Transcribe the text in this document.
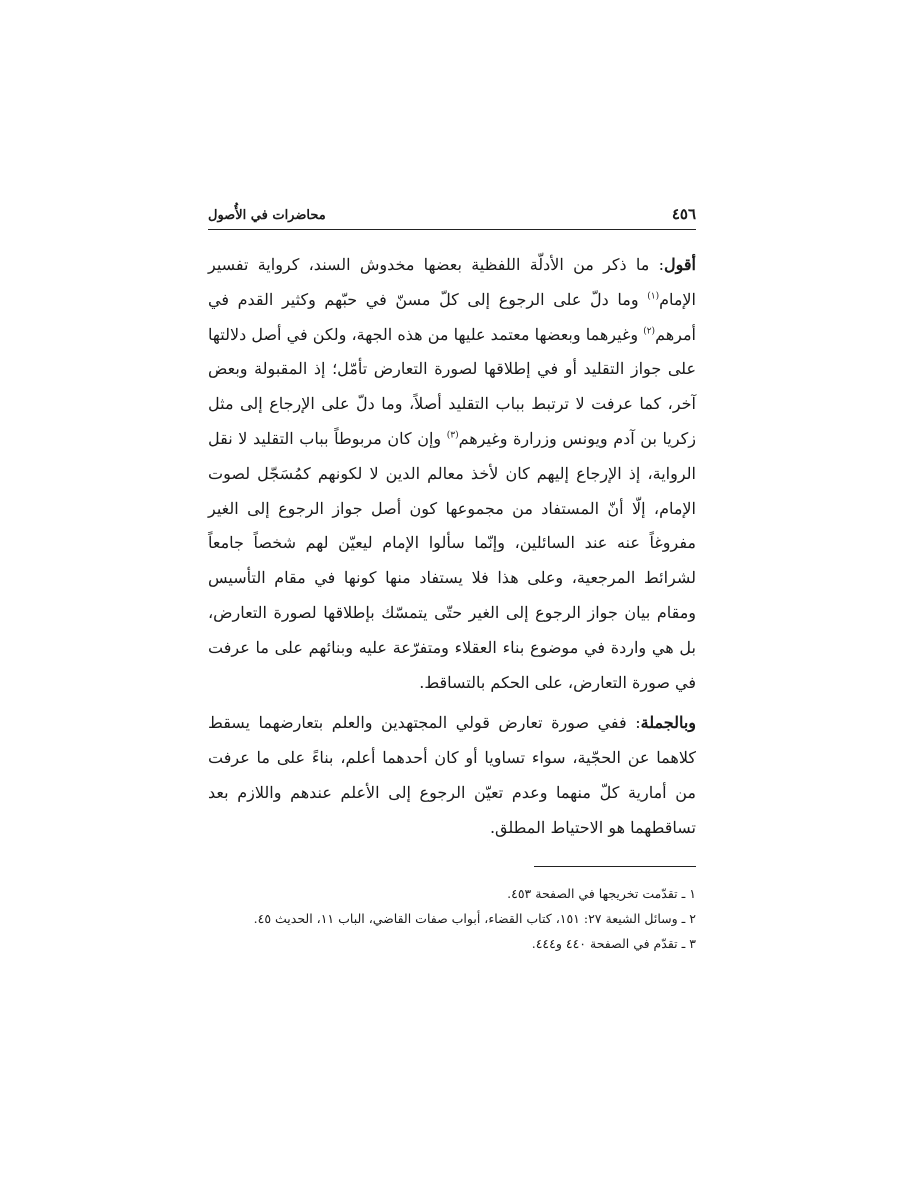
٤٥٦
محاضرات في الأُصول

أقول: ما ذكر من الأدلّة اللفظية بعضها مخدوش السند، كرواية تفسير الإمام$^{(١)}$ وما دلّ على الرجوع إلى كلّ مسنّ في حبّهم وكثير القدم في أمرهم$^{(٢)}$ وغيرهما وبعضها معتمد عليها من هذه الجهة، ولكن في أصل دلالتها على جواز التقليد أو في إطلاقها لصورة التعارض تأمّل؛ إذ المقبولة وبعض آخر، كما عرفت لا ترتبط بباب التقليد أصلاً، وما دلّ على الإرجاع إلى مثل زكريا بن آدم ويونس وزرارة وغيرهم$^{(٣)}$ وإن كان مربوطاً بباب التقليد لا نقل الرواية، إذ الإرجاع إليهم كان لأخذ معالم الدين لا لكونهم كمُسَجّل لصوت الإمام، إلّا أنّ المستفاد من مجموعها كون أصل جواز الرجوع إلى الغير مفروغاً عنه عند السائلين، وإنّما سألوا الإمام ليعيّن لهم شخصاً جامعاً لشرائط المرجعية، وعلى هذا فلا يستفاد منها كونها في مقام التأسيس ومقام بيان جواز الرجوع إلى الغير حتّى يتمسّك بإطلاقها لصورة التعارض، بل هي واردة في موضوع بناء العقلاء ومتفرّعة عليه وبنائهم على ما عرفت في صورة التعارض، على الحكم بالتساقط.

وبالجملة: ففي صورة تعارض قولي المجتهدين والعلم بتعارضهما يسقط كلاهما عن الحجّية، سواء تساويا أو كان أحدهما أعلم، بناءً على ما عرفت من أمارية كلّ منهما وعدم تعيّن الرجوع إلى الأعلم عندهم واللازم بعد تساقطهما هو الاحتياط المطلق.

١ ـ تقدّمت تخريجها في الصفحة ٤٥٣.
٢ ـ وسائل الشيعة ٢٧: ١٥١، كتاب القضاء، أبواب صفات القاضي، الباب ١١، الحديث ٤٥.
٣ ـ تقدّم في الصفحة ٤٤٠ و٤٤٤.
